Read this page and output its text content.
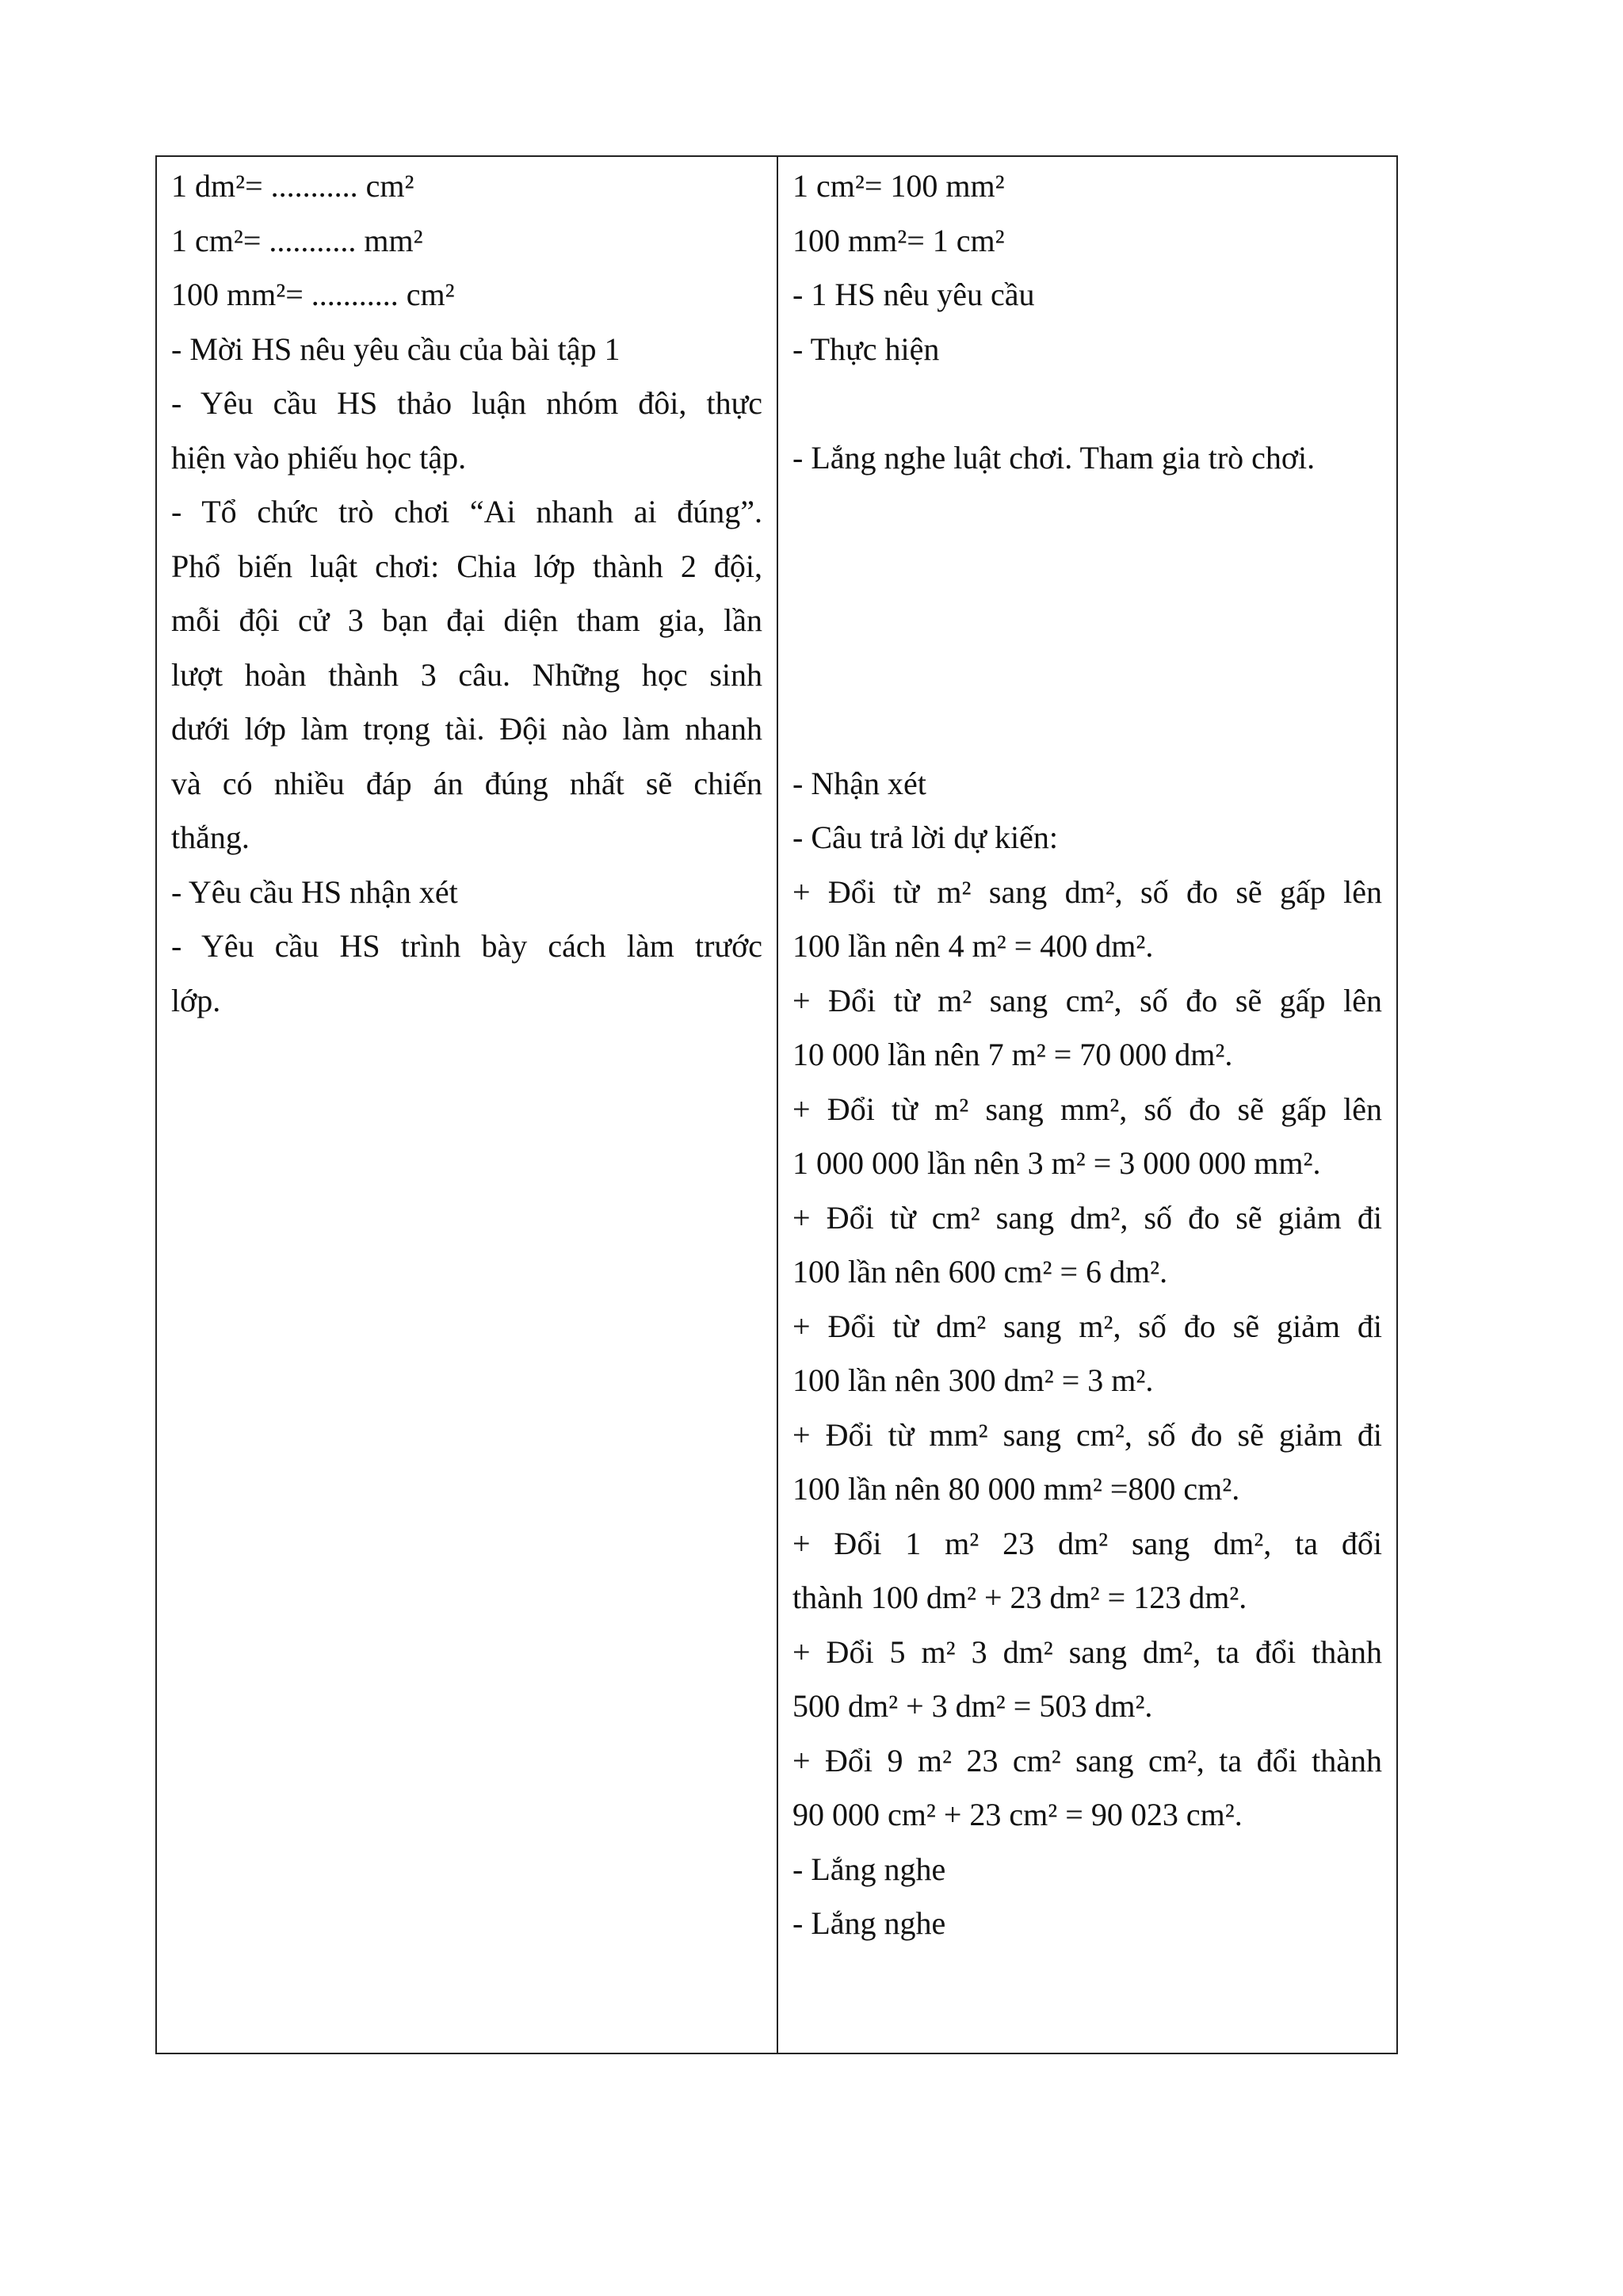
1 dm²= ........... cm²
1 cm²= ........... mm²
100 mm²= ........... cm²
- Mời HS nêu yêu cầu của bài tập 1
- Yêu cầu HS thảo luận nhóm đôi, thực
hiện vào phiếu học tập.
- Tổ chức trò chơi “Ai nhanh ai đúng”.
Phổ biến luật chơi: Chia lớp thành 2 đội,
mỗi đội cử 3 bạn đại diện tham gia, lần
lượt hoàn thành 3 câu. Những học sinh
dưới lớp làm trọng tài. Đội nào làm nhanh
và có nhiều đáp án đúng nhất sẽ chiến
thắng.
- Yêu cầu HS nhận xét
- Yêu cầu HS trình bày cách làm trước
lớp.
1 cm²= 100 mm²
100 mm²= 1 cm²
- 1 HS nêu yêu cầu
- Thực hiện
- Lắng nghe luật chơi. Tham gia trò chơi.
- Nhận xét
- Câu trả lời dự kiến:
+ Đổi từ m² sang dm², số đo sẽ gấp lên
100 lần nên 4 m² = 400 dm².
+ Đổi từ m² sang cm², số đo sẽ gấp lên
10 000 lần nên 7 m² = 70 000 dm².
+ Đổi từ m² sang mm², số đo sẽ gấp lên
1 000 000 lần nên 3 m² = 3 000 000 mm².
+ Đổi từ cm² sang dm², số đo sẽ giảm đi
100 lần nên 600 cm² = 6 dm².
+ Đổi từ dm² sang m², số đo sẽ giảm đi
100 lần nên 300 dm² = 3 m².
+ Đổi từ mm² sang cm², số đo sẽ giảm đi
100 lần nên 80 000 mm² =800 cm².
+ Đổi 1 m² 23 dm² sang dm², ta đổi
thành 100 dm² + 23 dm² = 123 dm².
+ Đổi 5 m² 3 dm² sang dm², ta đổi thành
500 dm² + 3 dm² = 503 dm².
+ Đổi 9 m² 23 cm² sang cm², ta đổi thành
90 000 cm² + 23 cm² = 90 023 cm².
- Lắng nghe
- Lắng nghe
